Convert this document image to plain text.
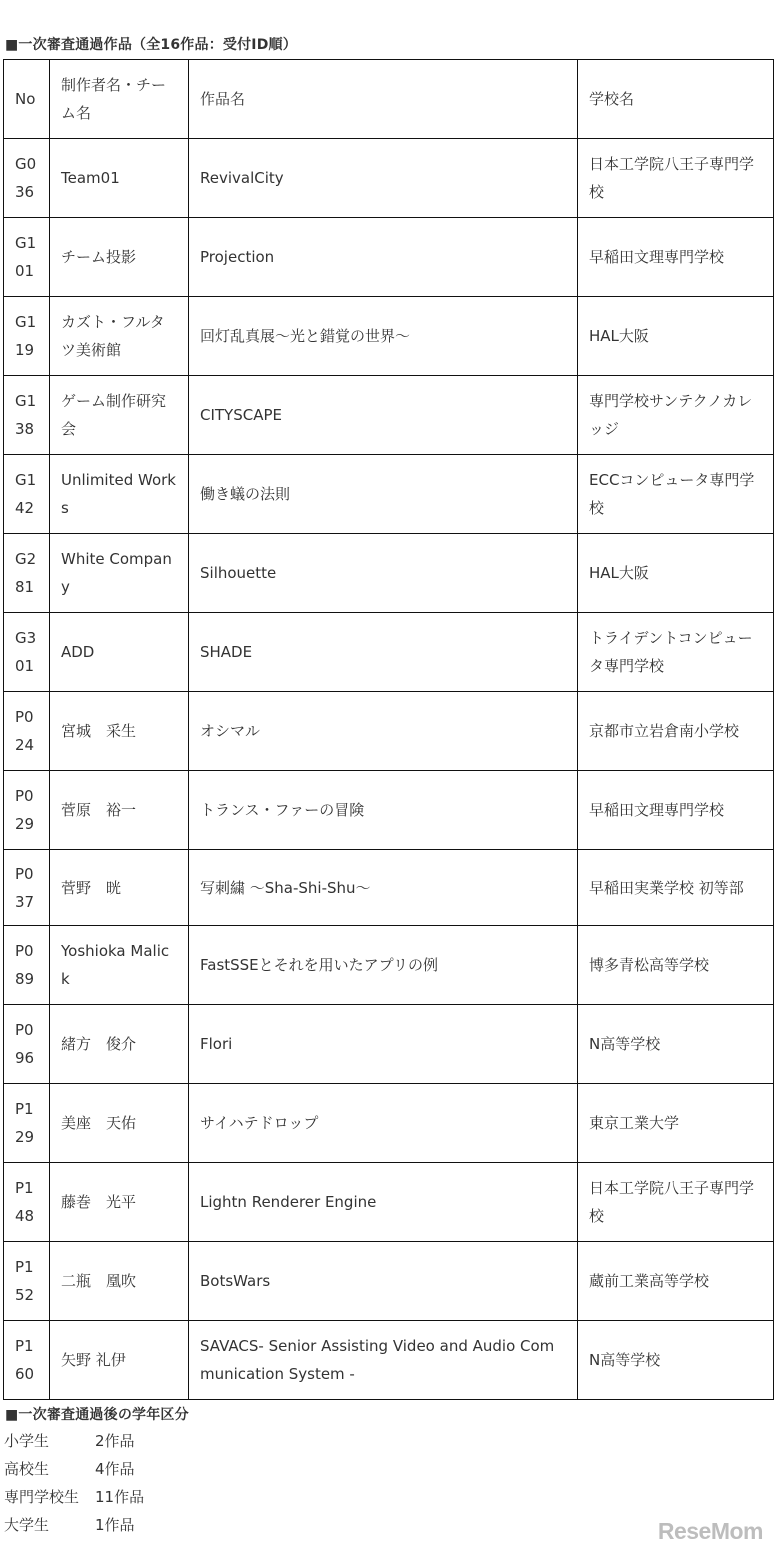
■一次審査通過作品（全16作品：受付ID順）
No	制作者名・チーム名	作品名	学校名
G036	Team01	RevivalCity	日本工学院八王子専門学校
G101	チーム投影	Projection	早稲田文理専門学校
G119	カズト・フルタツ美術館	回灯乱真展～光と錯覚の世界～	HAL大阪
G138	ゲーム制作研究会	CITYSCAPE	専門学校サンテクノカレッジ
G142	Unlimited Works	働き蟻の法則	ECCコンピュータ専門学校
G281	White Company	Silhouette	HAL大阪
G301	ADD	SHADE	トライデントコンピュータ専門学校
P024	宮城　采生	オシマル	京都市立岩倉南小学校
P029	菅原　裕一	トランス・ファーの冒険	早稲田文理専門学校
P037	菅野　晄	写刺繍 ～Sha-Shi-Shu～	早稲田実業学校 初等部
P089	Yoshioka Malick	FastSSEとそれを用いたアプリの例	博多青松高等学校
P096	緒方　俊介	Flori	N高等学校
P129	美座　天佑	サイハテドロップ	東京工業大学
P148	藤巻　光平	Lightn Renderer Engine	日本工学院八王子専門学校
P152	二瓶　凰吹	BotsWars	蔵前工業高等学校
P160	矢野 礼伊	SAVACS- Senior Assisting Video and Audio Communication System -	N高等学校
■一次審査通過後の学年区分
小学生	2作品
高校生	4作品
専門学校生	11作品
大学生	1作品	ReseMom
